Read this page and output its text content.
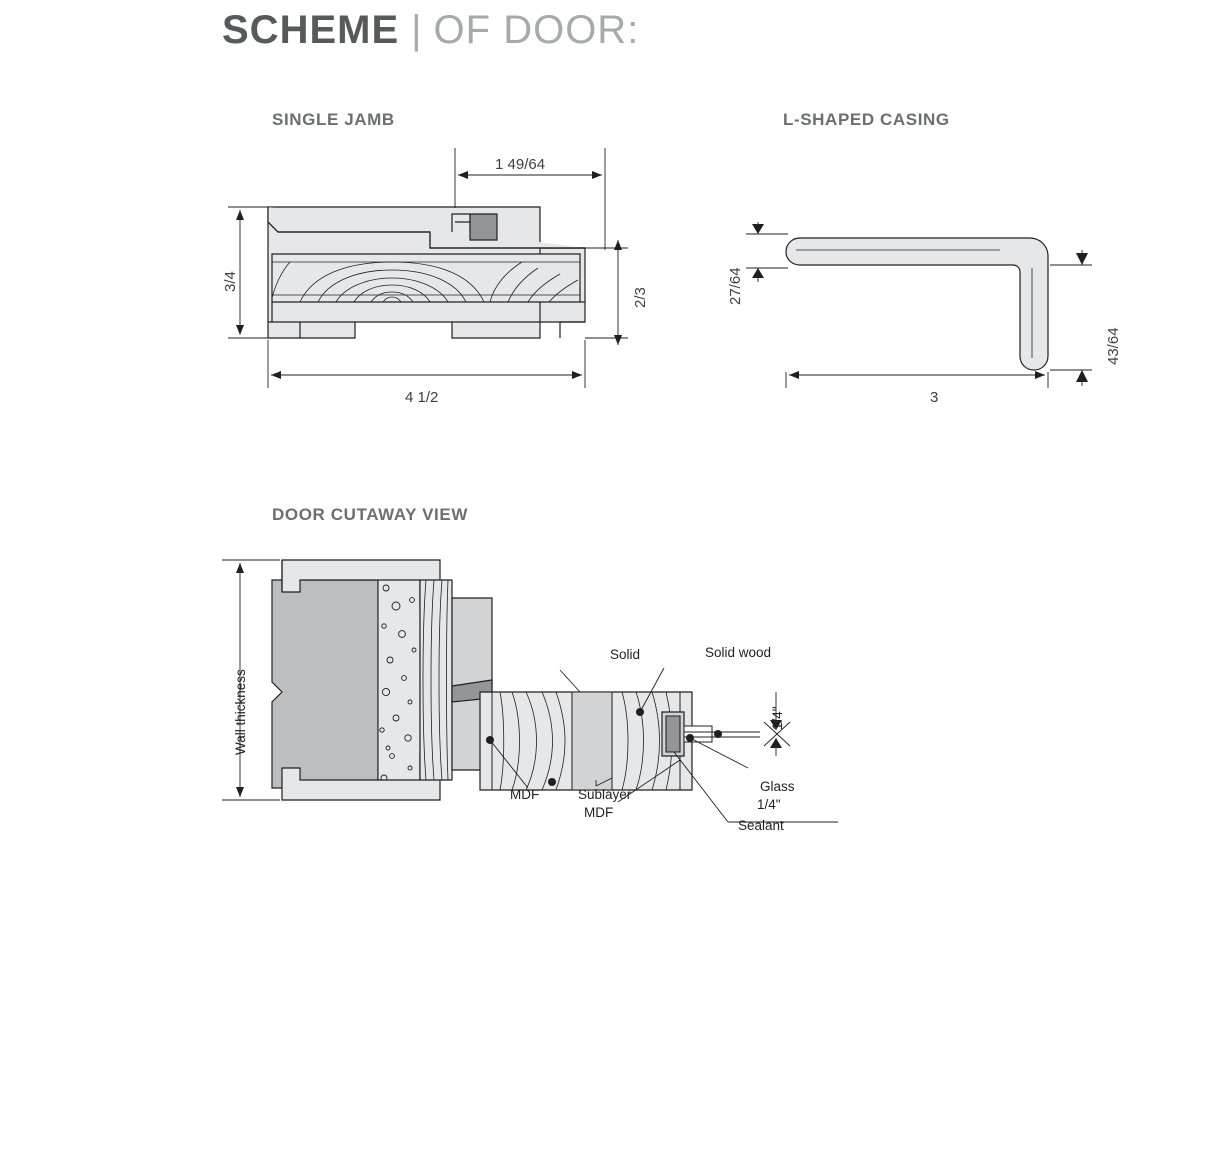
SCHEME | OF DOOR:
SINGLE JAMB	L-SHAPED CASING
DOOR CUTAWAY VIEW
1 49/64
3/4
2/3
4 1/2
27/64
43/64
3
Wall thickness
Solid	Solid wood
MDF	Sublayer
MDF
Glass
1/4"
Sealant
1/4"
